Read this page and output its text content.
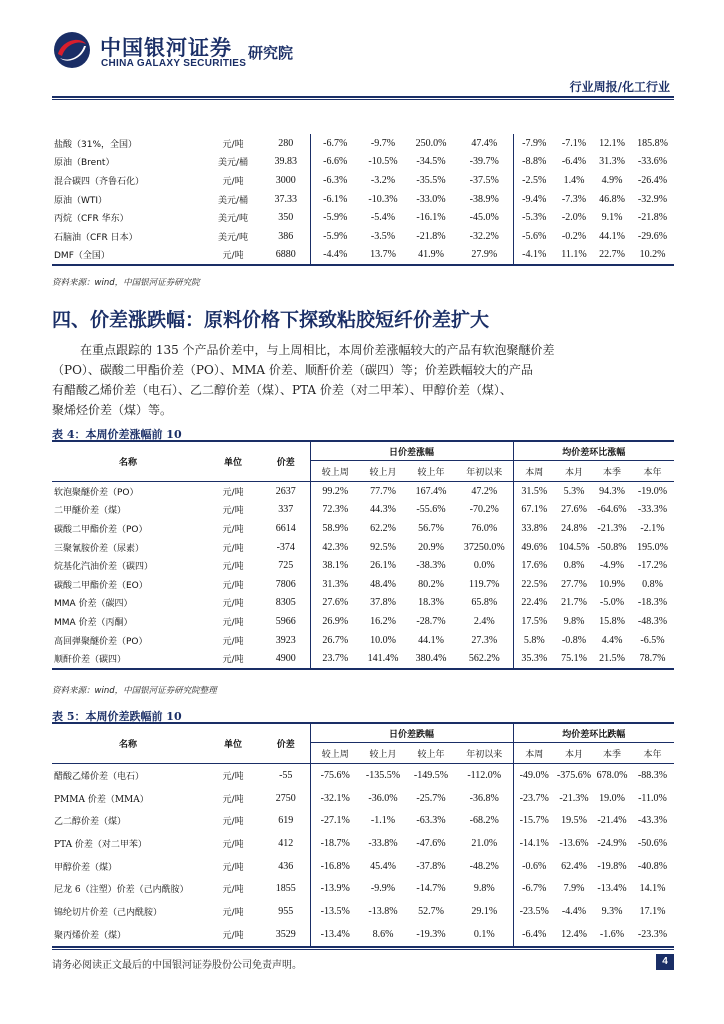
中国银河证券
CHINA GALAXY SECURITIES
研究院
行业周报/化工行业
盐酸（31%，全国）	元/吨	280	-6.7%	-9.7%	250.0%	47.4%	-7.9%	-7.1%	12.1%	185.8%
原油（Brent）	美元/桶	39.83	-6.6%	-10.5%	-34.5%	-39.7%	-8.8%	-6.4%	31.3%	-33.6%
混合碳四（齐鲁石化）	元/吨	3000	-6.3%	-3.2%	-35.5%	-37.5%	-2.5%	1.4%	4.9%	-26.4%
原油（WTI）	美元/桶	37.33	-6.1%	-10.3%	-33.0%	-38.9%	-9.4%	-7.3%	46.8%	-32.9%
丙烷（CFR 华东）	美元/吨	350	-5.9%	-5.4%	-16.1%	-45.0%	-5.3%	-2.0%	9.1%	-21.8%
石脑油（CFR 日本）	美元/吨	386	-5.9%	-3.5%	-21.8%	-32.2%	-5.6%	-0.2%	44.1%	-29.6%
DMF（全国）	元/吨	6880	-4.4%	13.7%	41.9%	27.9%	-4.1%	11.1%	22.7%	10.2%
资料来源：wind，中国银河证券研究院
四、价差涨跌幅：原料价格下探致粘胶短纤价差扩大

在重点跟踪的 135 个产品价差中，与上周相比，本周价差涨幅较大的产品有软泡聚醚价差

（PO）、碳酸二甲酯价差（PO）、MMA 价差、顺酐价差（碳四）等；价差跌幅较大的产品
有醋酸乙烯价差（电石）、乙二醇价差（煤）、PTA 价差（对二甲苯）、甲醇价差（煤）、
聚烯烃价差（煤）等。
表 4：本周价差涨幅前 10
名称	单位	价差	日价差涨幅				均价差环比涨幅			
			较上周	较上月	较上年	年初以来	本周	本月	本季	本年
软泡聚醚价差（PO）	元/吨	2637	99.2%	77.7%	167.4%	47.2%	31.5%	5.3%	94.3%	-19.0%
二甲醚价差（煤）	元/吨	337	72.3%	44.3%	-55.6%	-70.2%	67.1%	27.6%	-64.6%	-33.3%
碳酸二甲酯价差（PO）	元/吨	6614	58.9%	62.2%	56.7%	76.0%	33.8%	24.8%	-21.3%	-2.1%
三聚氰胺价差（尿素）	元/吨	-374	42.3%	92.5%	20.9%	37250.0%	49.6%	104.5%	-50.8%	195.0%
烷基化汽油价差（碳四）	元/吨	725	38.1%	26.1%	-38.3%	0.0%	17.6%	0.8%	-4.9%	-17.2%
碳酸二甲酯价差（EO）	元/吨	7806	31.3%	48.4%	80.2%	119.7%	22.5%	27.7%	10.9%	0.8%
MMA 价差（碳四）	元/吨	8305	27.6%	37.8%	18.3%	65.8%	22.4%	21.7%	-5.0%	-18.3%
MMA 价差（丙酮）	元/吨	5966	26.9%	16.2%	-28.7%	2.4%	17.5%	9.8%	15.8%	-48.3%
高回弹聚醚价差（PO）	元/吨	3923	26.7%	10.0%	44.1%	27.3%	5.8%	-0.8%	4.4%	-6.5%
顺酐价差（碳四）	元/吨	4900	23.7%	141.4%	380.4%	562.2%	35.3%	75.1%	21.5%	78.7%
资料来源：wind，中国银河证券研究院整理
表 5：本周价差跌幅前 10
名称	单位	价差	日价差跌幅				均价差环比跌幅			
			较上周	较上月	较上年	年初以来	本周	本月	本季	本年
醋酸乙烯价差（电石）	元/吨	-55	-75.6%	-135.5%	-149.5%	-112.0%	-49.0%	-375.6%	678.0%	-88.3%
PMMA 价差（MMA）	元/吨	2750	-32.1%	-36.0%	-25.7%	-36.8%	-23.7%	-21.3%	19.0%	-11.0%
乙二醇价差（煤）	元/吨	619	-27.1%	-1.1%	-63.3%	-68.2%	-15.7%	19.5%	-21.4%	-43.3%
PTA 价差（对二甲苯）	元/吨	412	-18.7%	-33.8%	-47.6%	21.0%	-14.1%	-13.6%	-24.9%	-50.6%
甲醇价差（煤）	元/吨	436	-16.8%	45.4%	-37.8%	-48.2%	-0.6%	62.4%	-19.8%	-40.8%
尼龙 6（注塑）价差（己内酰胺）	元/吨	1855	-13.9%	-9.9%	-14.7%	9.8%	-6.7%	7.9%	-13.4%	14.1%
锦纶切片价差（己内酰胺）	元/吨	955	-13.5%	-13.8%	52.7%	29.1%	-23.5%	-4.4%	9.3%	17.1%
聚丙烯价差（煤）	元/吨	3529	-13.4%	8.6%	-19.3%	0.1%	-6.4%	12.4%	-1.6%	-23.3%
请务必阅读正文最后的中国银河证券股份公司免责声明。	4
